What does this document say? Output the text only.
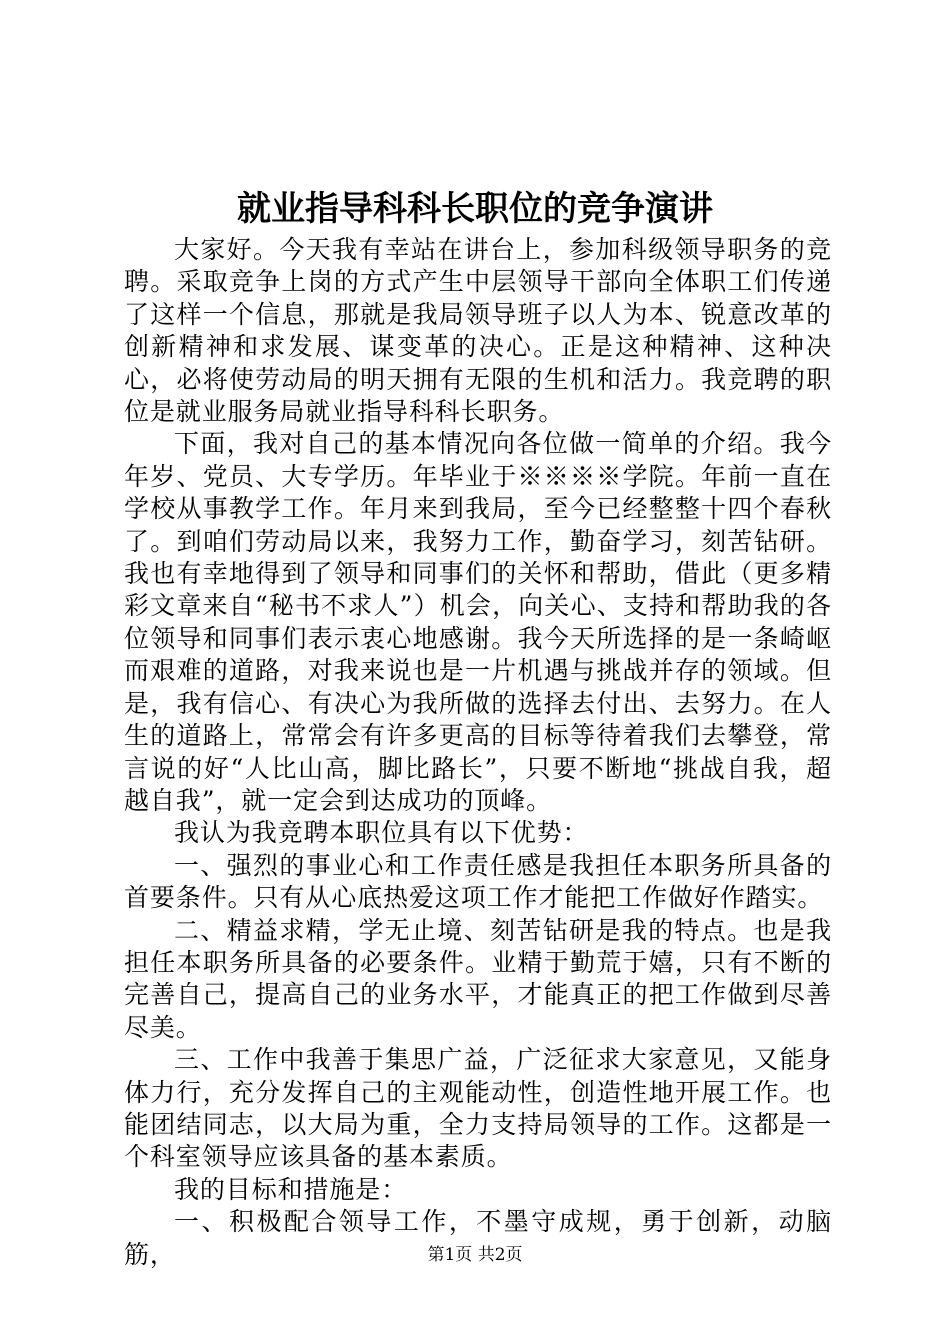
就业指导科科长职位的竞争演讲

大家好。今天我有幸站在讲台上，参加科级领导职务的竞聘。采取竞争上岗的方式产生中层领导干部向全体职工们传递了这样一个信息，那就是我局领导班子以人为本、锐意改革的创新精神和求发展、谋变革的决心。正是这种精神、这种决心，必将使劳动局的明天拥有无限的生机和活力。我竞聘的职位是就业服务局就业指导科科长职务。

下面，我对自己的基本情况向各位做一简单的介绍。我今年岁、党员、大专学历。年毕业于※※※※学院。年前一直在学校从事教学工作。年月来到我局，至今已经整整十四个春秋了。到咱们劳动局以来，我努力工作，勤奋学习，刻苦钻研。我也有幸地得到了领导和同事们的关怀和帮助，借此（更多精彩文章来自“秘书不求人”）机会，向关心、支持和帮助我的各位领导和同事们表示衷心地感谢。我今天所选择的是一条崎岖而艰难的道路，对我来说也是一片机遇与挑战并存的领域。但是，我有信心、有决心为我所做的选择去付出、去努力。在人生的道路上，常常会有许多更高的目标等待着我们去攀登，常言说的好“人比山高，脚比路长”，只要不断地“挑战自我，超越自我”，就一定会到达成功的顶峰。

我认为我竞聘本职位具有以下优势：

一、强烈的事业心和工作责任感是我担任本职务所具备的首要条件。只有从心底热爱这项工作才能把工作做好作踏实。

二、精益求精，学无止境、刻苦钻研是我的特点。也是我担任本职务所具备的必要条件。业精于勤荒于嬉，只有不断的完善自己，提高自己的业务水平，才能真正的把工作做到尽善尽美。

三、工作中我善于集思广益，广泛征求大家意见，又能身体力行，充分发挥自己的主观能动性，创造性地开展工作。也能团结同志，以大局为重，全力支持局领导的工作。这都是一个科室领导应该具备的基本素质。

我的目标和措施是：

一、积极配合领导工作，不墨守成规，勇于创新，动脑筋，	第1页 共2页
